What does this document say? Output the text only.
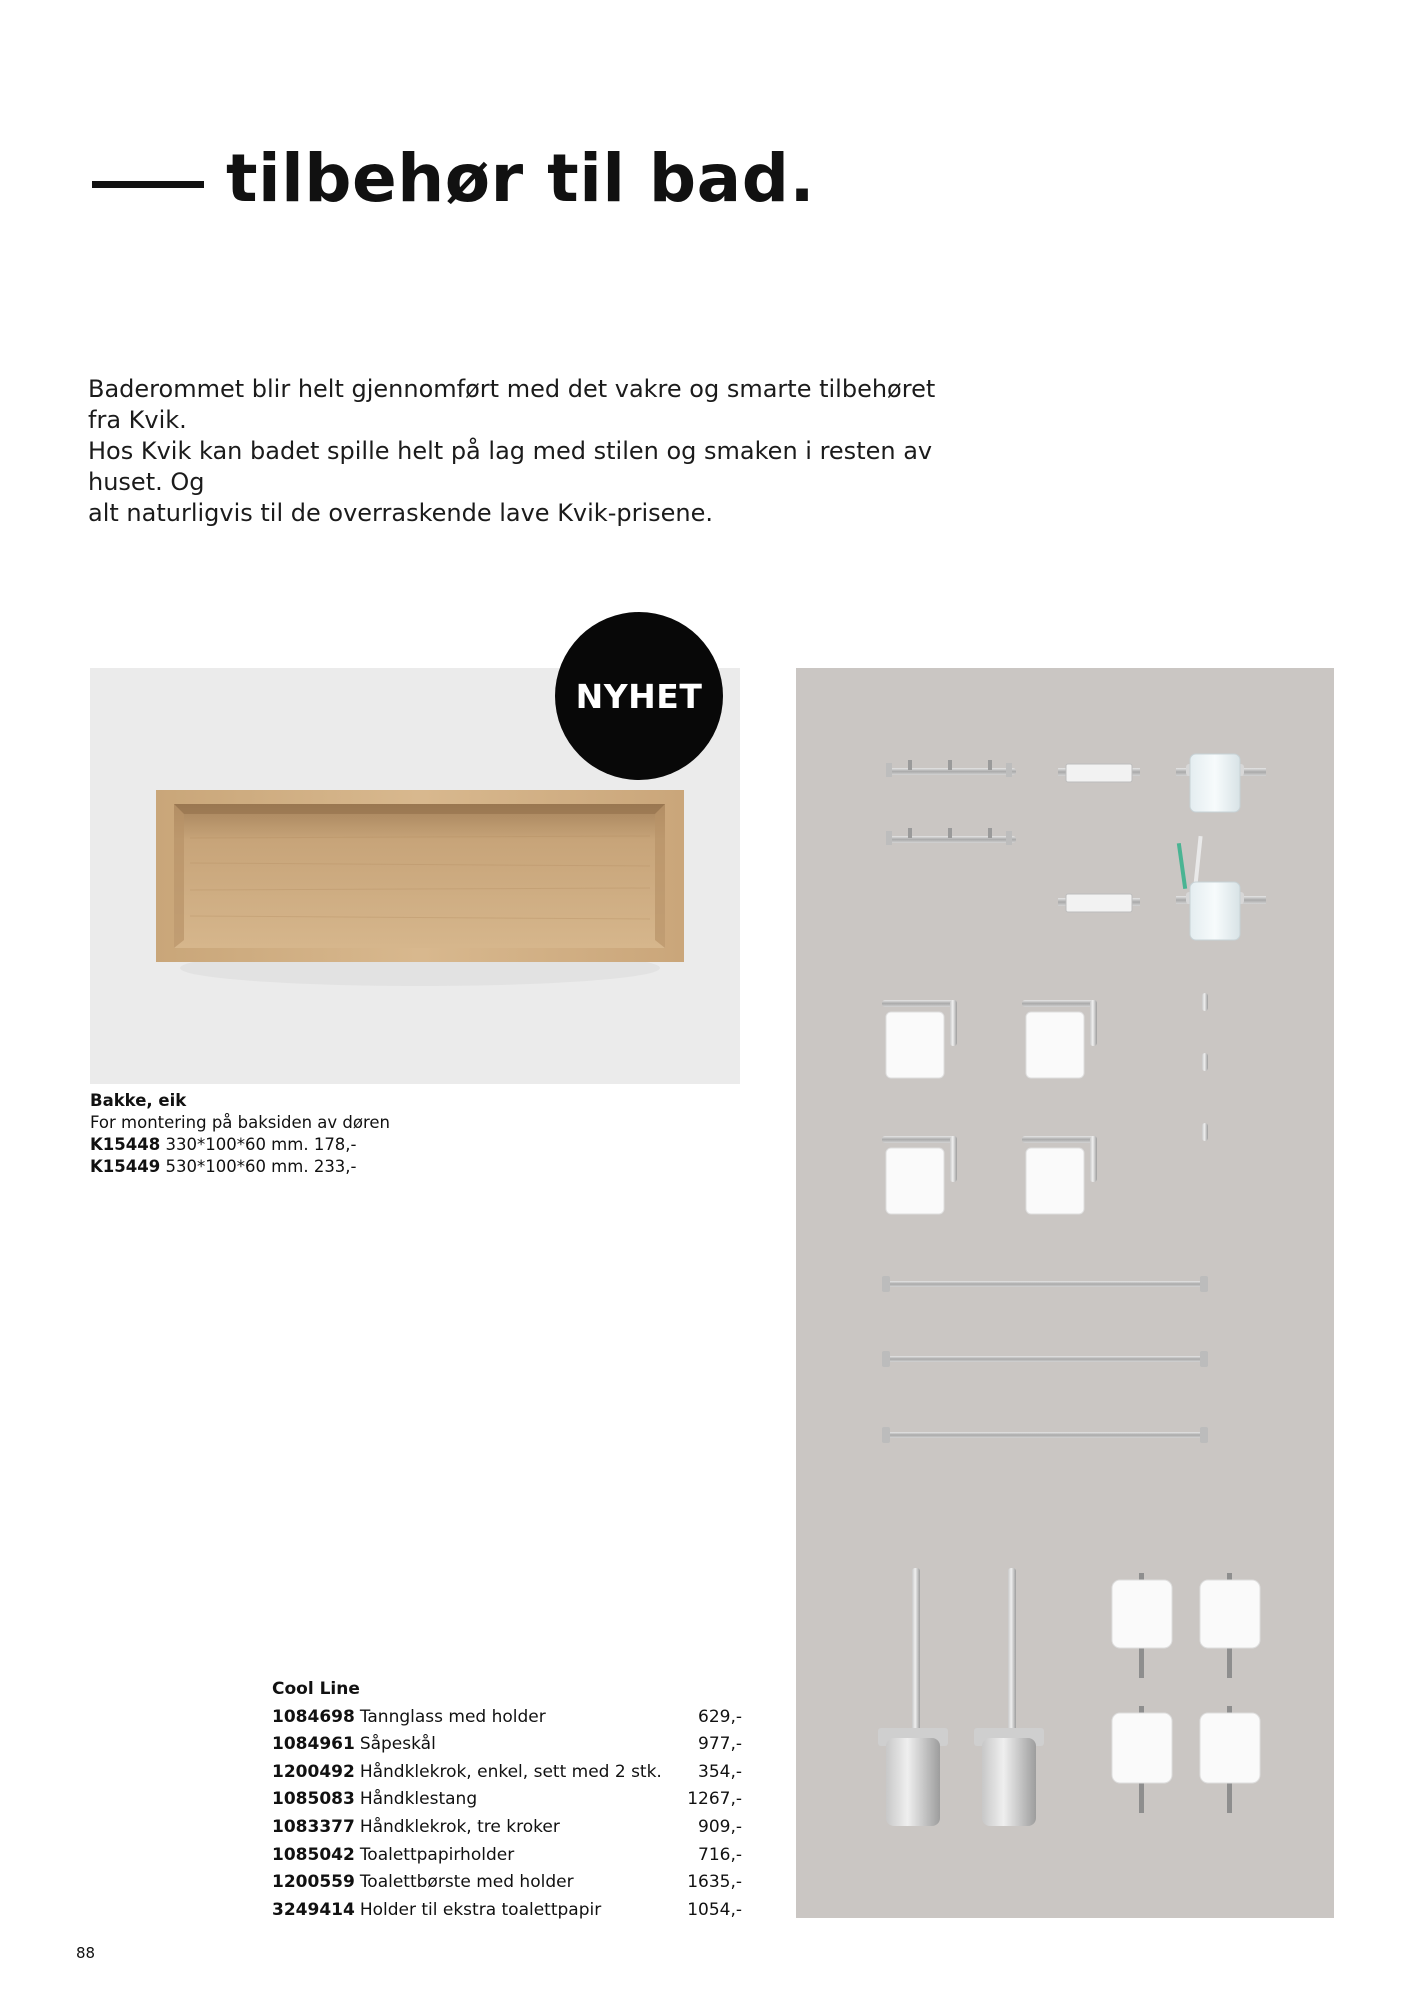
tilbehør til bad.
Baderommet blir helt gjennomført med det vakre og smarte tilbehøret fra Kvik.
Hos Kvik kan badet spille helt på lag med stilen og smaken i resten av huset. Og
alt naturligvis til de overraskende lave Kvik-prisene.
NYHET
Bakke, eik
For montering på baksiden av døren
K15448 330*100*60 mm. 178,-
K15449 530*100*60 mm. 233,-
Cool Line
1084698 Tannglass med holder	629,-
1084961 Såpeskål	977,-
1200492 Håndklekrok, enkel, sett med 2 stk. 354,-
1085083 Håndklestang	1267,-
1083377 Håndklekrok, tre kroker	909,-
1085042 Toalettpapirholder	716,-
1200559 Toalettbørste med holder	1635,-
3249414 Holder til ekstra toalettpapir	1054,-
88
